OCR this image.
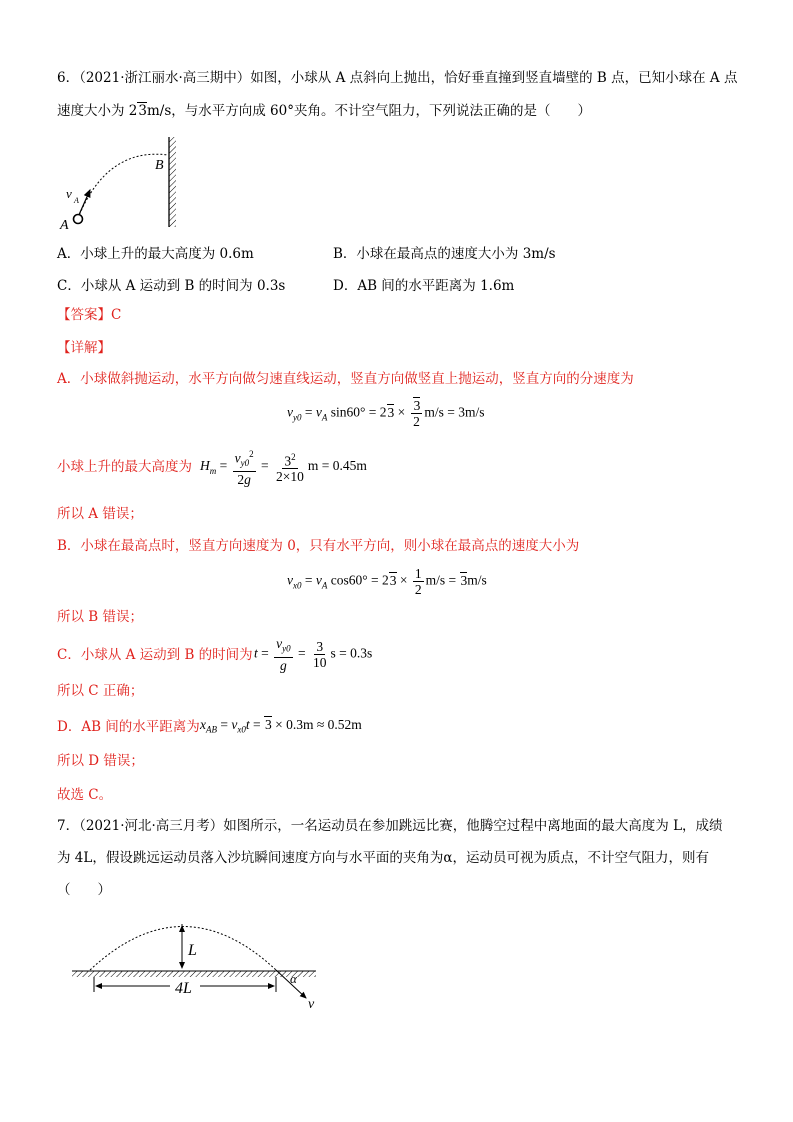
6．（2021·浙江丽水·高三期中）如图，小球从 A 点斜向上抛出，恰好垂直撞到竖直墙壁的 B 点，已知小球在 A 点
速度大小为 23m/s，与水平方向成 60°夹角。不计空气阻力，下列说法正确的是（　　）
A
B
v A
A．小球上升的最大高度为 0.6m	B．小球在最高点的速度大小为 3m/s
C．小球从 A 运动到 B 的时间为 0.3s	D．AB 间的水平距离为 1.6m
【答案】C
【详解】
A．小球做斜抛运动，水平方向做匀速直线运动，竖直方向做竖直上抛运动，竖直方向的分速度为
$v_{y0} = v_A$ $\sin 60^\circ = 23 \times \frac{3}{2} m/s = 3m/s$
小球上升的最大高度为 $H_m = \frac{v_{y0}^2}{2g} = \frac{3^2}{2\times 10}$ m = 0.45m
所以 A 错误；
B．小球在最高点时，竖直方向速度为 0，只有水平方向，则小球在最高点的速度大小为
$v_{x0} = v_A$ $\cos 60^\circ = 23 \times \frac{1}{2} m/s = 3m/s$
所以 B 错误；
C．小球从 A 运动到 B 的时间为 $t = \frac{v_{y0}}{g} = \frac{3}{10}$ s = 0.3s
所以 C 正确；
D．AB 间的水平距离为 $x_{AB} = v_{x0}t = 3 \times 0.3m \approx 0.52m$
所以 D 错误；
故选 C。
7．（2021·河北·高三月考）如图所示，一名运动员在参加跳远比赛，他腾空过程中离地面的最大高度为 L，成绩
为 4L，假设跳远运动员落入沙坑瞬间速度方向与水平面的夹角为α，运动员可视为质点，不计空气阻力，则有
（　　）
L
4L
α
v
